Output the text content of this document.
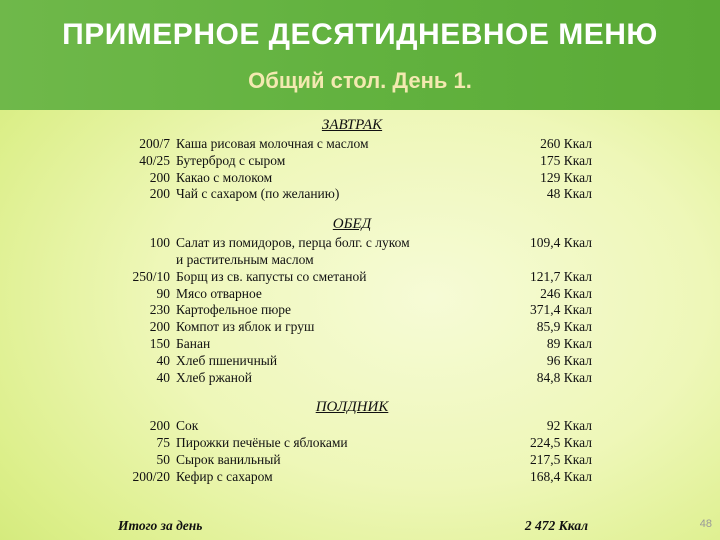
ПРИМЕРНОЕ ДЕСЯТИДНЕВНОЕ МЕНЮ
Общий стол. День 1.
ЗАВТРАК
200/7 Каша рисовая молочная с маслом	260 Ккал
40/25 Бутерброд с сыром	175 Ккал
200 Какао с молоком	129 Ккал
200 Чай с сахаром (по желанию)	48 Ккал
ОБЕД
100 Салат из помидоров, перца болг. с луком
и растительным маслом
109,4 Ккал
250/10 Борщ из св. капусты со сметаной	121,7 Ккал
90 Мясо отварное	246 Ккал
230 Картофельное пюре	371,4 Ккал
200 Компот из яблок и груш	85,9 Ккал
150 Банан	89 Ккал
40 Хлеб пшеничный	96 Ккал
40 Хлеб ржаной	84,8 Ккал
ПОЛДНИК
200 Сок	92 Ккал
75 Пирожки печёные с яблоками	224,5 Ккал
50 Сырок ванильный	217,5 Ккал
200/20 Кефир с сахаром	168,4 Ккал
Итого за день	2 472 Ккал	48
